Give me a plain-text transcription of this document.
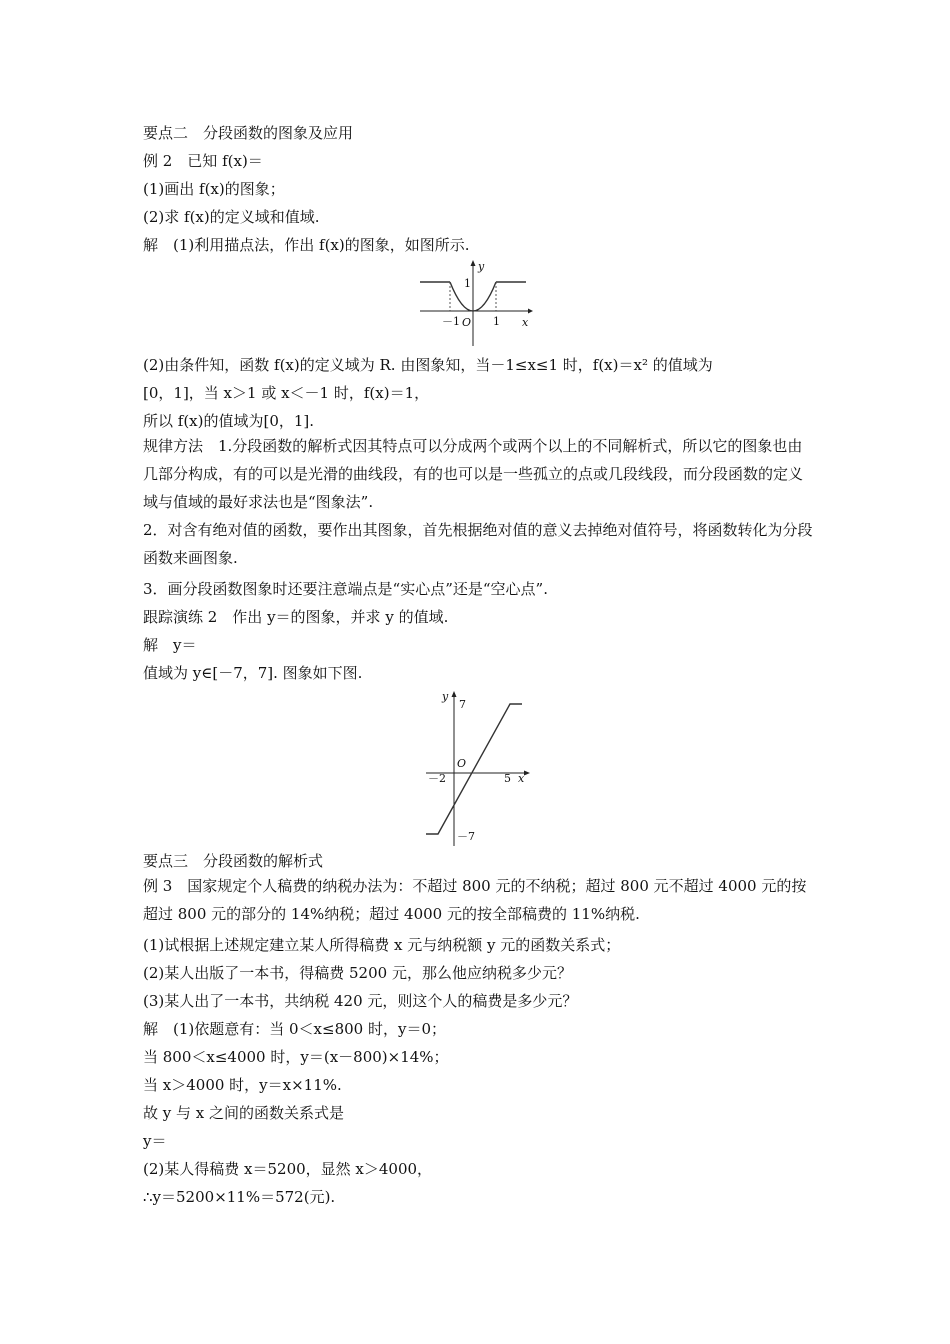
要点二　分段函数的图象及应用
例 2　已知 f(x)＝
(1)画出 f(x)的图象；
(2)求 f(x)的定义域和值域.
解　(1)利用描点法，作出 f(x)的图象，如图所示.
y
x
1
－1 O 1
(2)由条件知，函数 f(x)的定义域为 R. 由图象知，当－1≤x≤1 时，f(x)＝x² 的值域为
[0，1]，当 x＞1 或 x＜－1 时，f(x)＝1，
所以 f(x)的值域为[0，1].
规律方法　1.分段函数的解析式因其特点可以分成两个或两个以上的不同解析式，所以它的图象也由几部分构成，有的可以是光滑的曲线段，有的也可以是一些孤立的点或几段线段，而分段函数的定义域与值域的最好求法也是“图象法”.
2．对含有绝对值的函数，要作出其图象，首先根据绝对值的意义去掉绝对值符号，将函数转化为分段函数来画图象.
3．画分段函数图象时还要注意端点是“实心点”还是“空心点”.
跟踪演练 2　作出 y＝的图象，并求 y 的值域.
解　y＝
值域为 y∈[－7，7]. 图象如下图.
y
7
O
－2	5 x
－7
要点三　分段函数的解析式
例 3　国家规定个人稿费的纳税办法为：不超过 800 元的不纳税；超过 800 元不超过 4000 元的按超过 800 元的部分的 14%纳税；超过 4000 元的按全部稿费的 11%纳税.
(1)试根据上述规定建立某人所得稿费 x 元与纳税额 y 元的函数关系式；
(2)某人出版了一本书，得稿费 5200 元，那么他应纳税多少元？
(3)某人出了一本书，共纳税 420 元，则这个人的稿费是多少元？
解　(1)依题意有：当 0＜x≤800 时，y＝0；
当 800＜x≤4000 时，y＝(x－800)×14%；
当 x＞4000 时，y＝x×11%.
故 y 与 x 之间的函数关系式是
y＝
(2)某人得稿费 x＝5200，显然 x＞4000，
∴y＝5200×11%＝572(元).
